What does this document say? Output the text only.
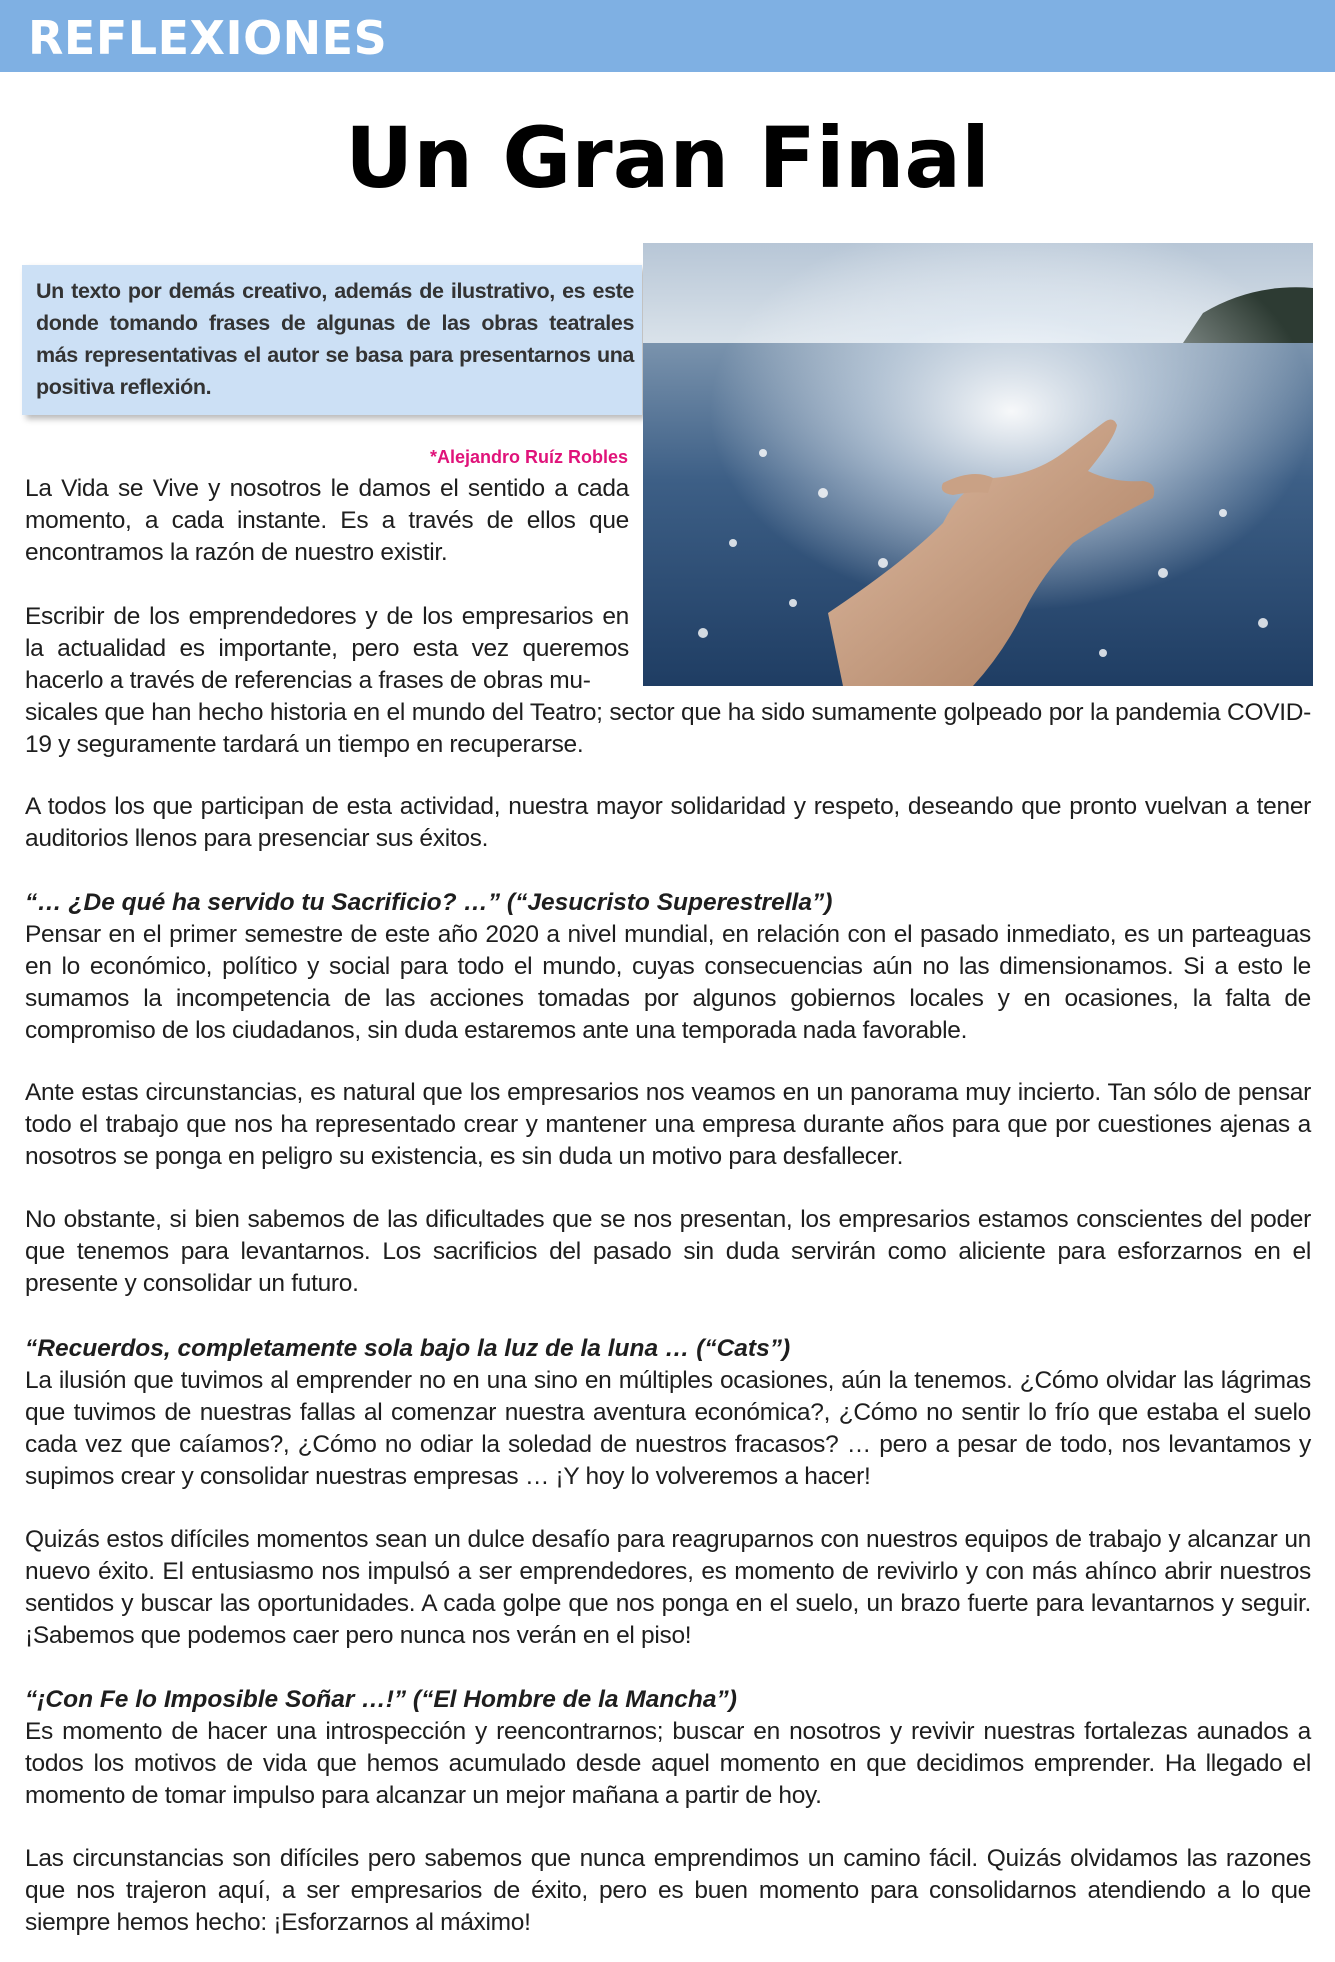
REFLEXIONES
Un Gran Final

Un texto por demás creativo, además de ilustrativo, es este donde tomando frases de algunas de las obras teatrales más representativas el autor se basa para presentarnos una positiva reflexión.

*Alejandro Ruíz Robles

La Vida se Vive y nosotros le damos el sentido a cada momento, a cada instante. Es a través de ellos que encontramos la razón de nuestro existir.

Escribir de los emprendedores y de los empresarios en la actualidad es importante, pero esta vez queremos hacerlo a través de referencias a frases de obras mu-

sicales que han hecho historia en el mundo del Teatro; sector que ha sido sumamente golpeado por la pandemia COVID-19 y seguramente tardará un tiempo en recuperarse.

A todos los que participan de esta actividad, nuestra mayor solidaridad y respeto, deseando que pronto vuelvan a tener auditorios llenos para presenciar sus éxitos.

“… ¿De qué ha servido tu Sacrificio? …” (“Jesucristo Superestrella”)

Pensar en el primer semestre de este año 2020 a nivel mundial, en relación con el pasado inmediato, es un parteaguas en lo económico, político y social para todo el mundo, cuyas consecuencias aún no las dimensionamos. Si a esto le sumamos la incompetencia de las acciones tomadas por algunos gobiernos locales y en ocasiones, la falta de compromiso de los ciudadanos, sin duda estaremos ante una temporada nada favorable.

Ante estas circunstancias, es natural que los empresarios nos veamos en un panorama muy incierto. Tan sólo de pensar todo el trabajo que nos ha representado crear y mantener una empresa durante años para que por cuestiones ajenas a nosotros se ponga en peligro su existencia, es sin duda un motivo para desfallecer.

No obstante, si bien sabemos de las dificultades que se nos presentan, los empresarios estamos conscientes del poder que tenemos para levantarnos. Los sacrificios del pasado sin duda servirán como aliciente para esforzarnos en el presente y consolidar un futuro.

“Recuerdos, completamente sola bajo la luz de la luna … (“Cats”)

La ilusión que tuvimos al emprender no en una sino en múltiples ocasiones, aún la tenemos. ¿Cómo olvidar las lágrimas que tuvimos de nuestras fallas al comenzar nuestra aventura económica?, ¿Cómo no sentir lo frío que estaba el suelo cada vez que caíamos?, ¿Cómo no odiar la soledad de nuestros fracasos? … pero a pesar de todo, nos levantamos y supimos crear y consolidar nuestras empresas … ¡Y hoy lo volveremos a hacer!

Quizás estos difíciles momentos sean un dulce desafío para reagruparnos con nuestros equipos de trabajo y alcanzar un nuevo éxito. El entusiasmo nos impulsó a ser emprendedores, es momento de revivirlo y con más ahínco abrir nuestros sentidos y buscar las oportunidades. A cada golpe que nos ponga en el suelo, un brazo fuerte para levantarnos y seguir. ¡Sabemos que podemos caer pero nunca nos verán en el piso!

“¡Con Fe lo Imposible Soñar …!” (“El Hombre de la Mancha”)

Es momento de hacer una introspección y reencontrarnos; buscar en nosotros y revivir nuestras fortalezas aunados a todos los motivos de vida que hemos acumulado desde aquel momento en que decidimos emprender. Ha llegado el momento de tomar impulso para alcanzar un mejor mañana a partir de hoy.

Las circunstancias son difíciles pero sabemos que nunca emprendimos un camino fácil. Quizás olvidamos las razones que nos trajeron aquí, a ser empresarios de éxito, pero es buen momento para consolidarnos atendiendo a lo que siempre hemos hecho: ¡Esforzarnos al máximo!
